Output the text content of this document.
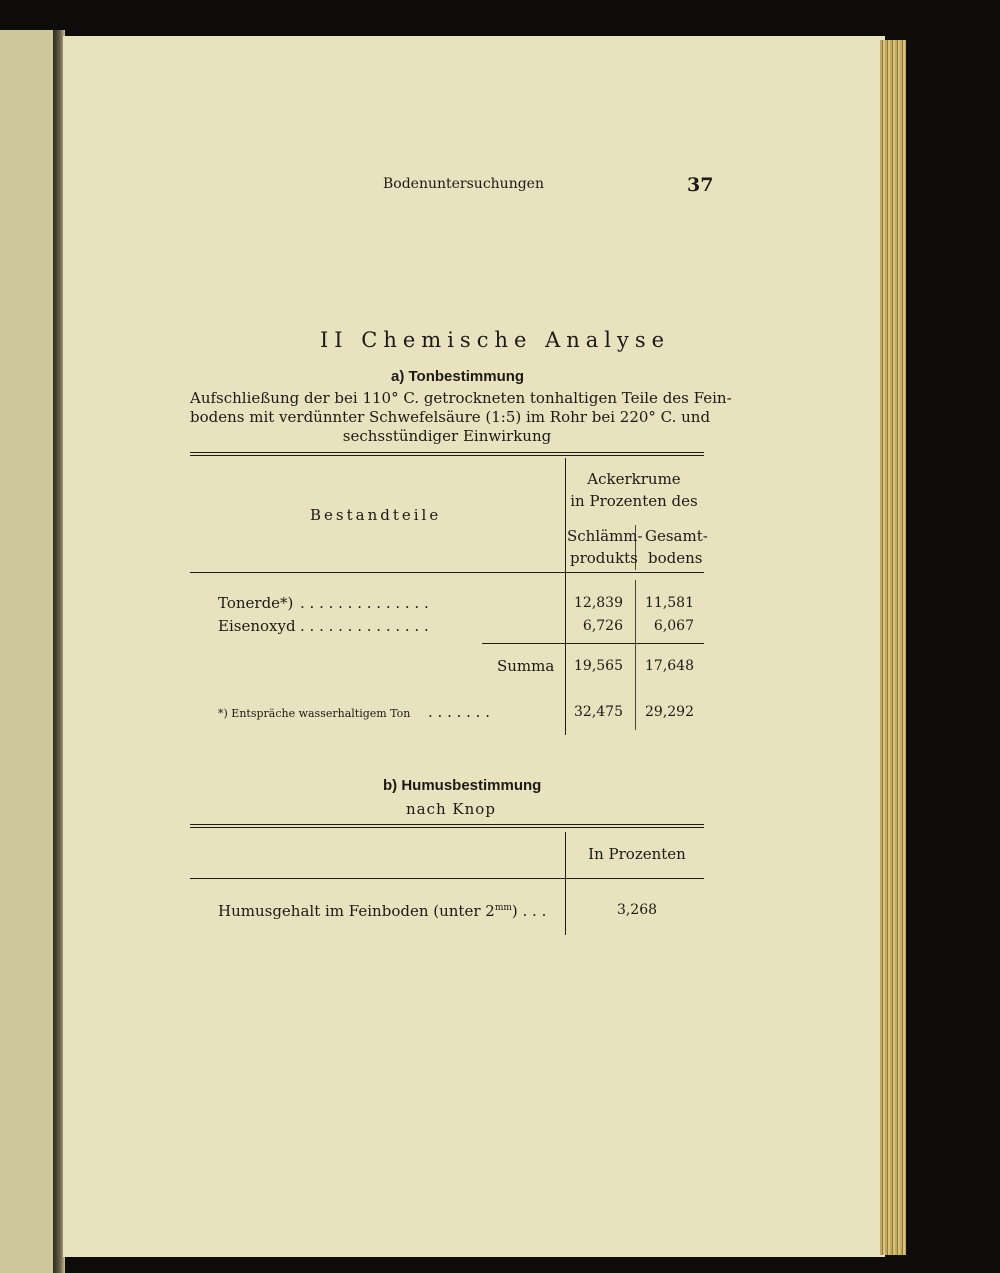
Bodenuntersuchungen	37
II Chemische Analyse
a) Tonbestimmung
Aufschließung der bei 110° C. getrockneten tonhaltigen Teile des Fein-
bodens mit verdünnter Schwefelsäure (1:5) im Rohr bei 220° C. und
sechsstündiger Einwirkung
Bestandteile
Ackerkrume
in Prozenten des
Schlämm-
produkts
Gesamt-
bodens
Tonerde*) . . . . . . . . . . . . . .	12,839	11,581
Eisenoxyd . . . . . . . . . . . . . .	6,726	6,067
Summa	19,565	17,648
*) Entspräche wasserhaltigem Ton . . . . . . .	32,475	29,292
b) Humusbestimmung
nach Knop
In Prozenten
Humusgehalt im Feinboden (unter $2^{mm}$) . . .	3,268
